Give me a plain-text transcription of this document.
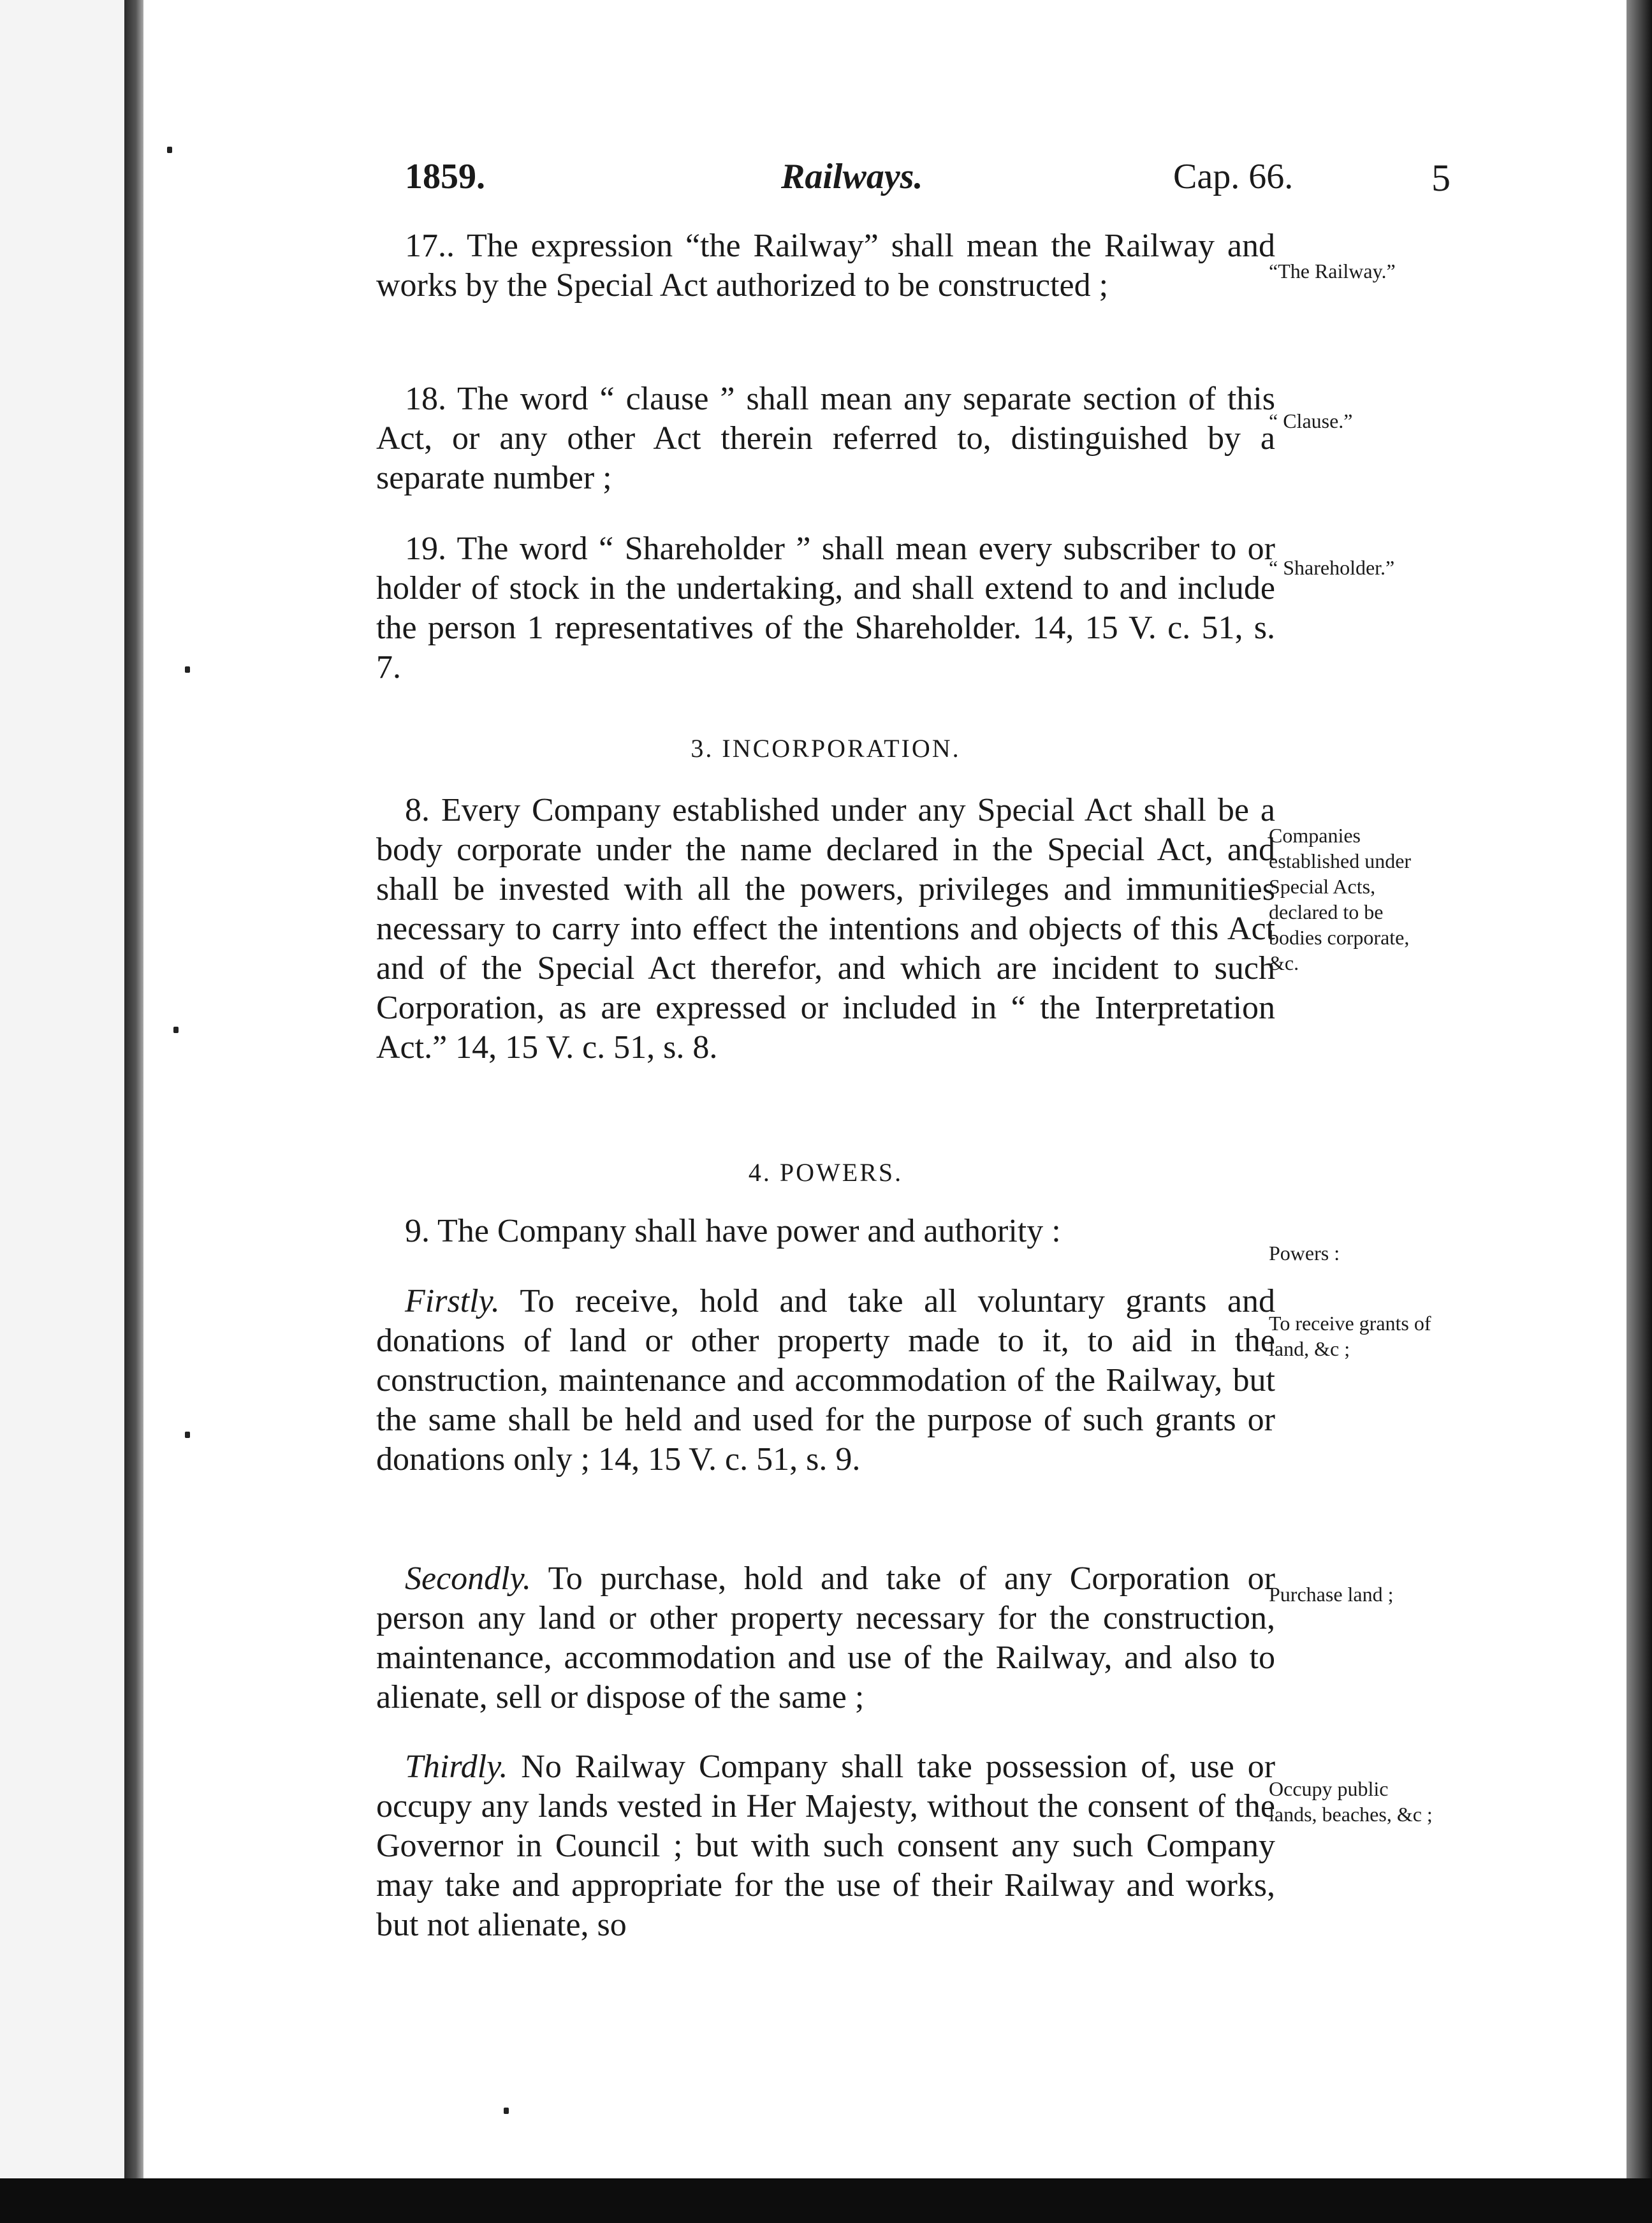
1859.	Railways.	Cap. 66.	5
17.. The expression “the Railway” shall mean the Railway and works by the Special Act authorized to be constructed ;	“The Railway.”
18. The word “ clause ” shall mean any separate section of this Act, or any other Act therein referred to, distinguished by a separate number ;
“ Clause.”
19. The word “ Shareholder ” shall mean every subscriber to or holder of stock in the undertaking, and shall extend to and include the person 1 representatives of the Shareholder. 14, 15 V. c. 51, s. 7.
“ Shareholder.”
3. INCORPORATION.
8. Every Company established under any Special Act shall be a body corporate under the name declared in the Special Act, and shall be invested with all the powers, privileges and immunities necessary to carry into effect the intentions and objects of this Act and of the Special Act therefor, and which are incident to such Corporation, as are expressed or included in “ the Interpretation Act.” 14, 15 V. c. 51, s. 8.
Companies established under Special Acts, declared to be bodies corporate, &c.
4. POWERS.
9. The Company shall have power and authority :
Powers :
Firstly. To receive, hold and take all voluntary grants and donations of land or other property made to it, to aid in the construction, maintenance and accommodation of the Railway, but the same shall be held and used for the purpose of such grants or donations only ; 14, 15 V. c. 51, s. 9.
To receive grants of land, &c ;
Secondly. To purchase, hold and take of any Corporation or person any land or other property necessary for the construction, maintenance, accommodation and use of the Railway, and also to alienate, sell or dispose of the same ;
Purchase land ;
Thirdly. No Railway Company shall take possession of, use or occupy any lands vested in Her Majesty, without the consent of the Governor in Council ; but with such consent any such Company may take and appropriate for the use of their Railway and works, but not alienate, so
Occupy public lands, beaches, &c ;
